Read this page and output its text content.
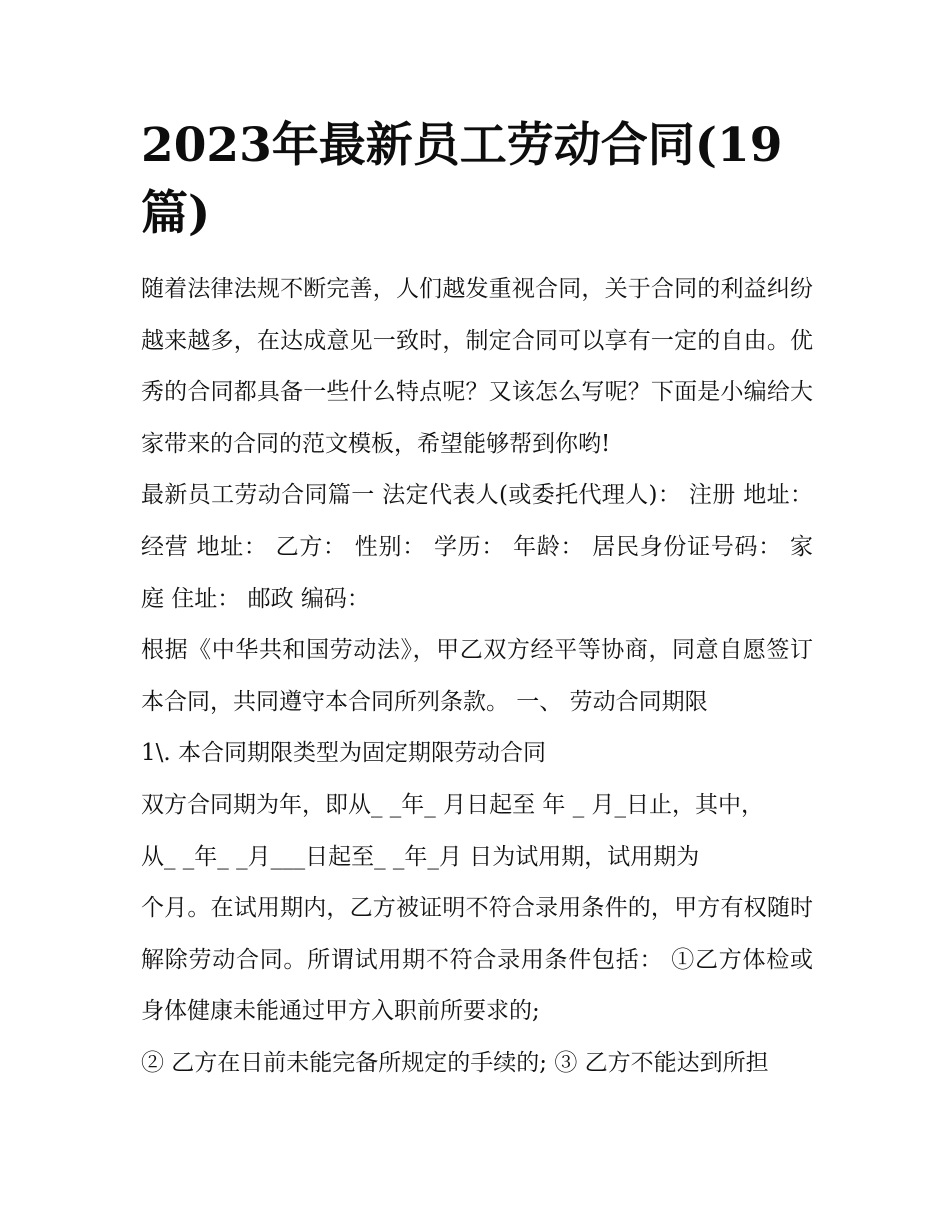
2023年最新员工劳动合同(19篇)

随着法律法规不断完善，人们越发重视合同，关于合同的利益纠纷越来越多，在达成意见一致时，制定合同可以享有一定的自由。优秀的合同都具备一些什么特点呢？又该怎么写呢？下面是小编给大家带来的合同的范文模板，希望能够帮到你哟!

最新员工劳动合同篇一 法定代表人(或委托代理人)： 注册 地址： 经营 地址： 乙方： 性别： 学历： 年龄： 居民身份证号码： 家庭 住址： 邮政 编码：

根据《中华共和国劳动法》，甲乙双方经平等协商，同意自愿签订本合同，共同遵守本合同所列条款。 一、 劳动合同期限

1\. 本合同期限类型为固定期限劳动合同

双方合同期为年，即从_ _年_ 月日起至 年 _ 月_日止，其中，

从_ _年_ _月___日起至_ _年_月 日为试用期，试用期为

个月。在试用期内，乙方被证明不符合录用条件的，甲方有权随时解除劳动合同。所谓试用期不符合录用条件包括： ①乙方体检或身体健康未能通过甲方入职前所要求的;

② 乙方在日前未能完备所规定的手续的; ③ 乙方不能达到所担
